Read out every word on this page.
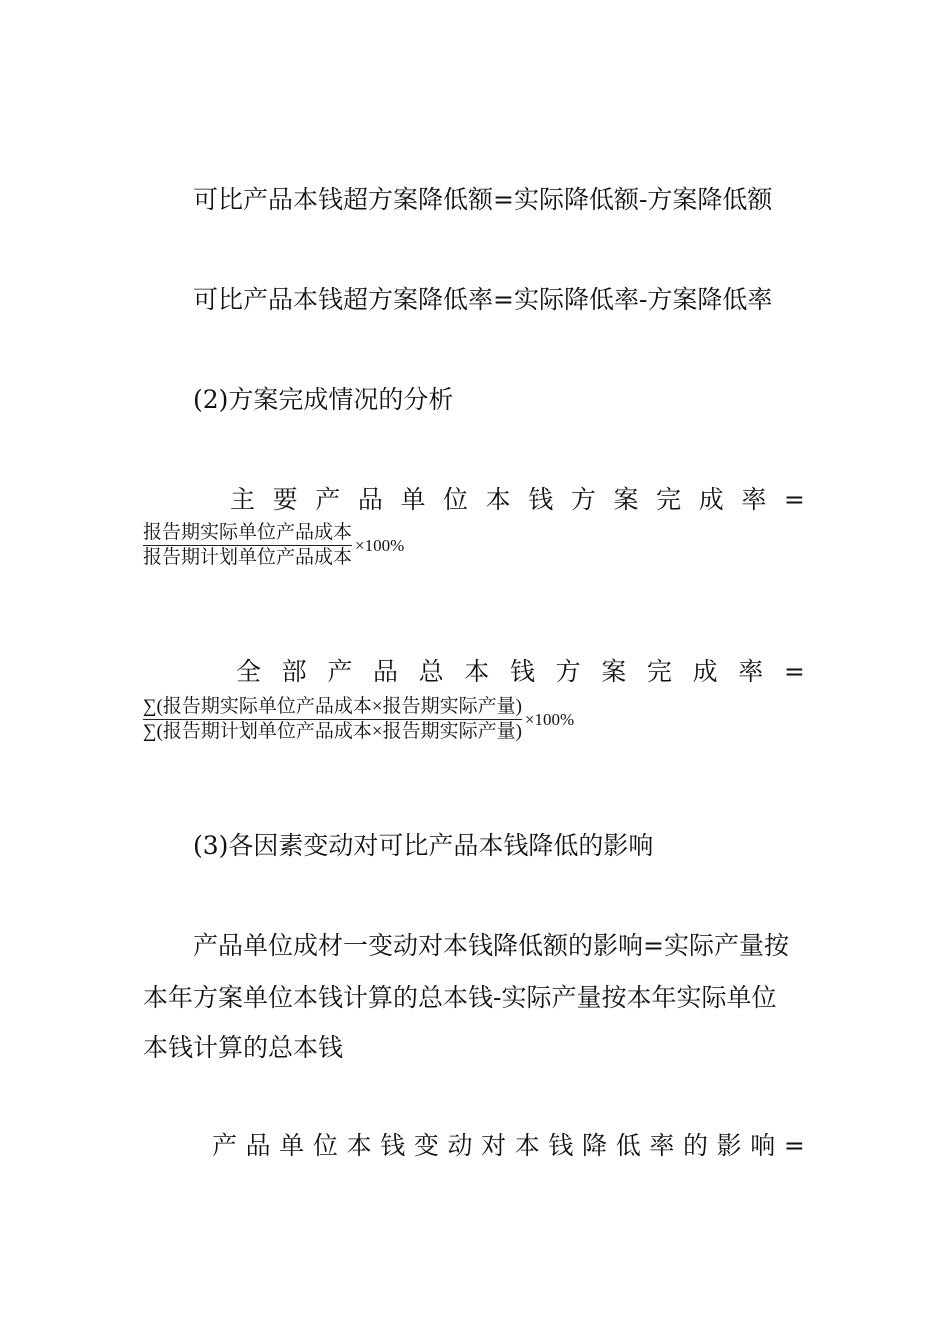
可比产品本钱超方案降低额=实际降低额-方案降低额
可比产品本钱超方案降低率=实际降低率-方案降低率
(2)方案完成情况的分析
主 要 产 品 单 位 本 钱 方 案 完 成 率 =
$\frac{\text{报告期实际单位产品成本}}{\text{报告期计划单位产品成本}} \times 100\%$
全 部 产 品 总 本 钱 方 案 完 成 率 =
$\frac{\text{∑(报告期实际单位产品成本×报告期实际产量)}}{\text{∑(报告期计划单位产品成本×报告期实际产量)}} \times 100\%$
(3)各因素变动对可比产品本钱降低的影响
产品单位成材一变动对本钱降低额的影响=实际产量按
本年方案单位本钱计算的总本钱-实际产量按本年实际单位
本钱计算的总本钱
产 品 单 位 本 钱 变 动 对 本 钱 降 低 率 的 影 响 =
